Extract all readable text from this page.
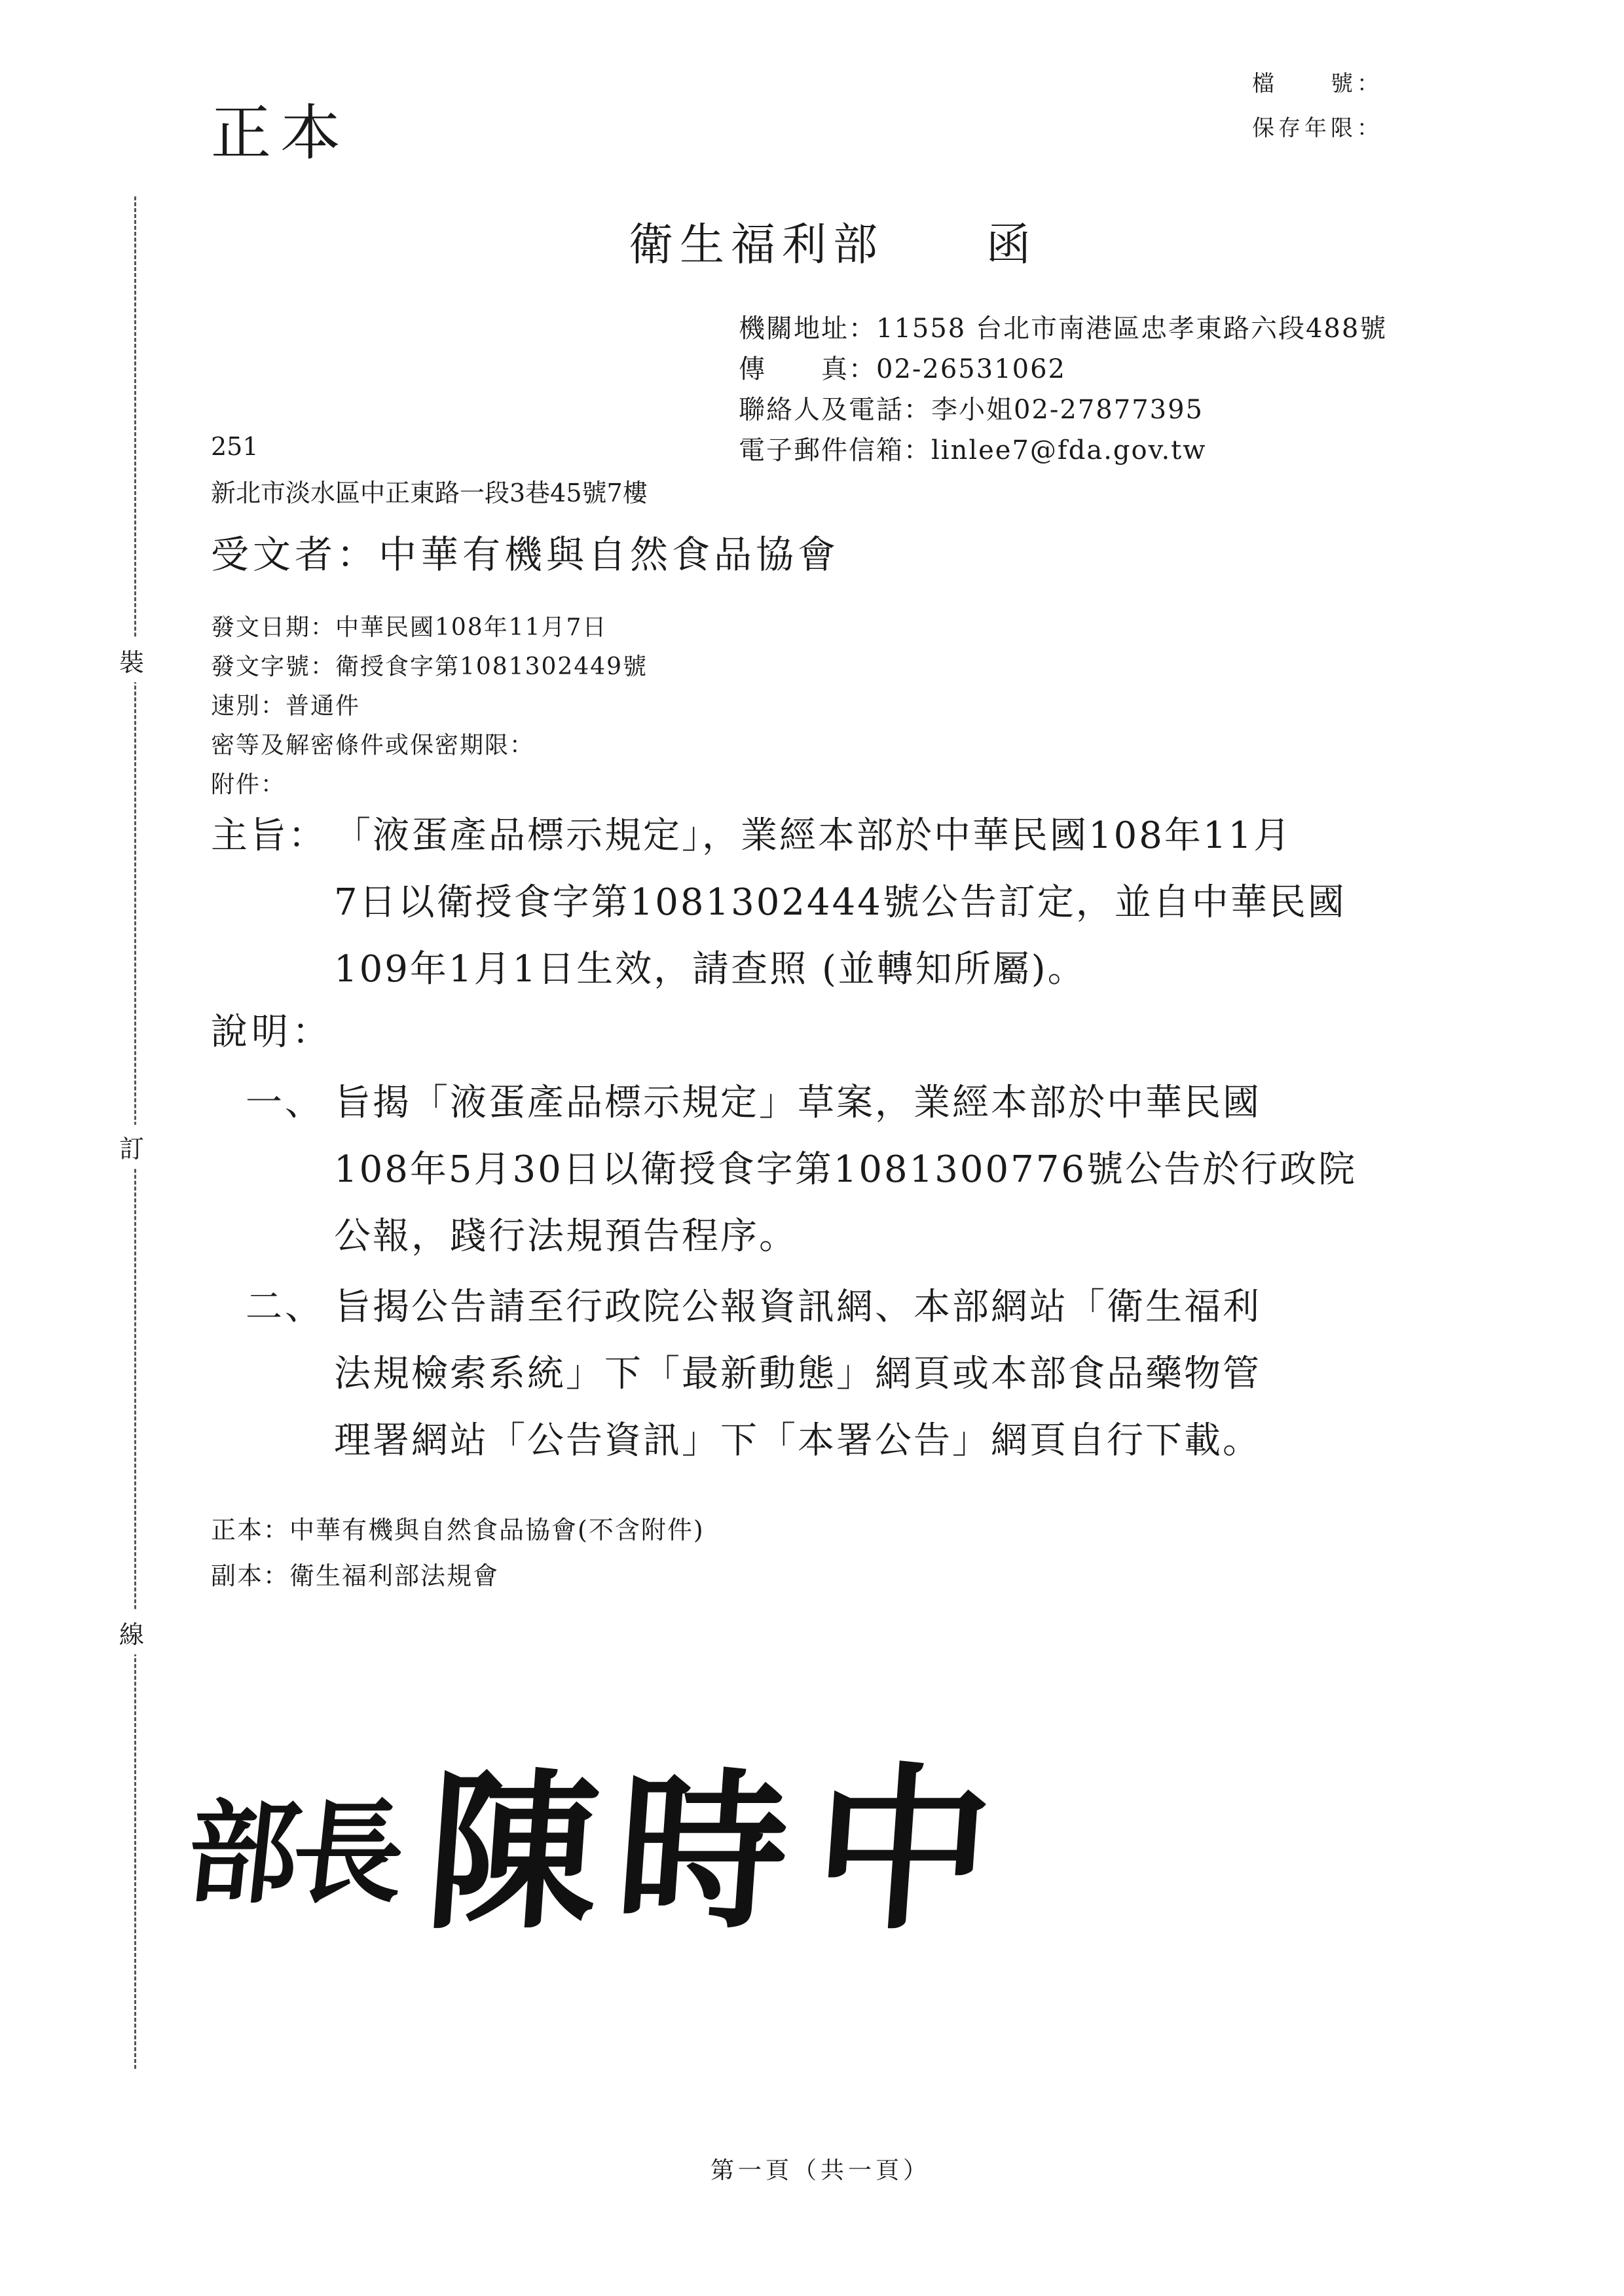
正本
檔　　號：
保存年限：
裝
訂
線
衛生福利部　　函
機關地址：11558 台北市南港區忠孝東路六段488號
傳　　真：02-26531062
聯絡人及電話：李小姐02-27877395
電子郵件信箱：linlee7@fda.gov.tw
251
新北市淡水區中正東路一段3巷45號7樓
受文者：中華有機與自然食品協會
發文日期：中華民國108年11月7日
發文字號：衛授食字第1081302449號
速別：普通件
密等及解密條件或保密期限：
附件：
主旨： 「液蛋產品標示規定」，業經本部於中華民國108年11月
7日以衛授食字第1081302444號公告訂定，並自中華民國
109年1月1日生效，請查照 (並轉知所屬)。
說明：
一、 旨揭「液蛋產品標示規定」草案，業經本部於中華民國
108年5月30日以衛授食字第1081300776號公告於行政院
公報，踐行法規預告程序。
二、 旨揭公告請至行政院公報資訊網、本部網站「衛生福利
法規檢索系統」下「最新動態」網頁或本部食品藥物管
理署網站「公告資訊」下「本署公告」網頁自行下載。
正本：中華有機與自然食品協會(不含附件)
副本：衛生福利部法規會
部
長 陳 時 中
第一頁（共一頁）
